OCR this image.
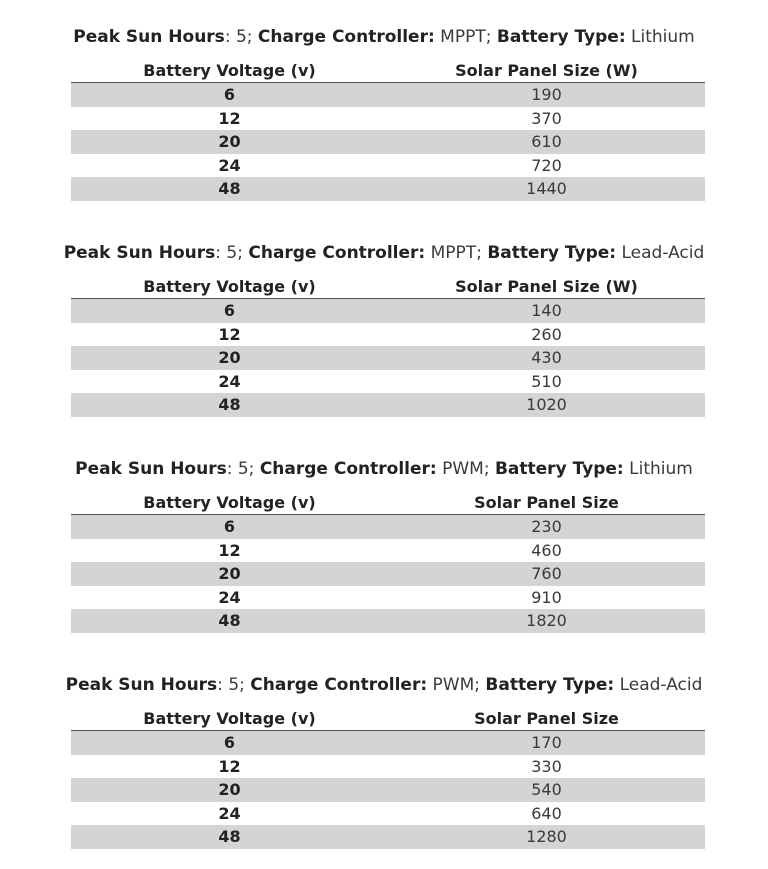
Peak Sun Hours: 5; Charge Controller: MPPT; Battery Type: Lithium
Battery Voltage (v)	Solar Panel Size (W)
6	190
12	370
20	610
24	720
48	1440
Peak Sun Hours: 5; Charge Controller: MPPT; Battery Type: Lead-Acid
Battery Voltage (v)	Solar Panel Size (W)
6	140
12	260
20	430
24	510
48	1020
Peak Sun Hours: 5; Charge Controller: PWM; Battery Type: Lithium
Battery Voltage (v)	Solar Panel Size
6	230
12	460
20	760
24	910
48	1820
Peak Sun Hours: 5; Charge Controller: PWM; Battery Type: Lead-Acid
Battery Voltage (v)	Solar Panel Size
6	170
12	330
20	540
24	640
48	1280
